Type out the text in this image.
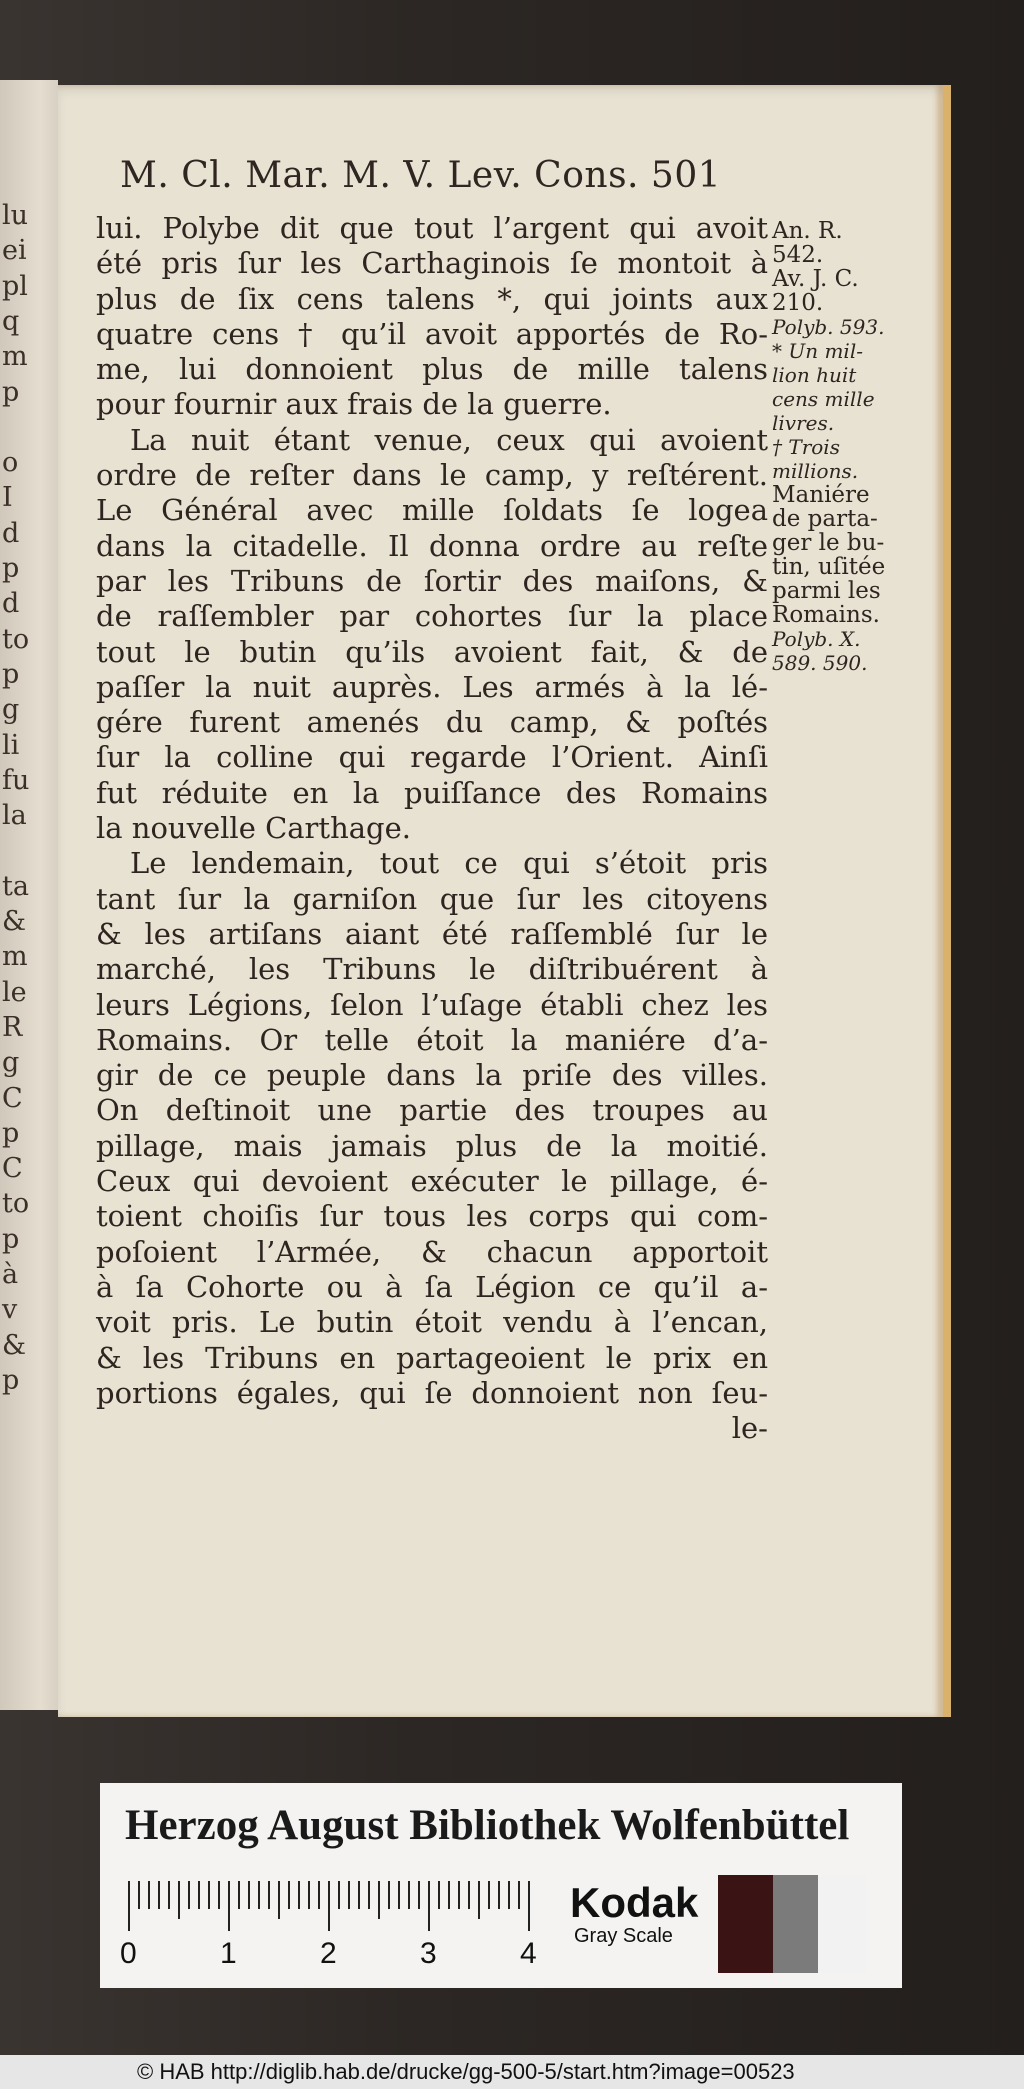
lu
ei
pl
q
m
p
o
I
d
p
d
to
p
g
li
fu
la
ta
&
m
le
R
g
C
p
C
to
p
à
v
&
p
M. Cl. Mar. M. V. Lev. Cons. 501
lui. Polybe dit que tout l’argent qui avoit
été pris ſur les Carthaginois ſe montoit à
plus de ſix cens talens *, qui joints aux
quatre cens † qu’il avoit apportés de Ro-
me, lui donnoient plus de mille talens
pour fournir aux frais de la guerre.
La nuit étant venue, ceux qui avoient
ordre de reſter dans le camp, y reſtérent.
Le Général avec mille ſoldats ſe logea
dans la citadelle. Il donna ordre au reſte
par les Tribuns de ſortir des maiſons, &
de raſſembler par cohortes ſur la place
tout le butin qu’ils avoient fait, & de
paſſer la nuit auprès. Les armés à la lé-
gére furent amenés du camp, & poſtés
ſur la colline qui regarde l’Orient. Ainſi
fut réduite en la puiſſance des Romains
la nouvelle Carthage.
Le lendemain, tout ce qui s’étoit pris
tant ſur la garniſon que ſur les citoyens
& les artiſans aiant été raſſemblé ſur le
marché, les Tribuns le diſtribuérent à
leurs Légions, ſelon l’uſage établi chez les
Romains. Or telle étoit la maniére d’a-
gir de ce peuple dans la priſe des villes.
On deſtinoit une partie des troupes au
pillage, mais jamais plus de la moitié.
Ceux qui devoient exécuter le pillage, é-
toient choiſis ſur tous les corps qui com-
poſoient l’Armée, & chacun apportoit
à ſa Cohorte ou à ſa Légion ce qu’il a-
voit pris. Le butin étoit vendu à l’encan,
& les Tribuns en partageoient le prix en
portions égales, qui ſe donnoient non ſeu-
le-
An. R.
542.
Av. J. C.
210.
Polyb. 593.
* Un mil-
lion huit
cens mille
livres.
† Trois
millions.
Maniére
de parta-
ger le bu-
tin, uſitée
parmi les
Romains.
Polyb. X.
589. 590.
Herzog August Bibliothek Wolfenbüttel
0	1	2	3	4
Kodak
Gray Scale
© HAB http://diglib.hab.de/drucke/gg-500-5/start.htm?image=00523
